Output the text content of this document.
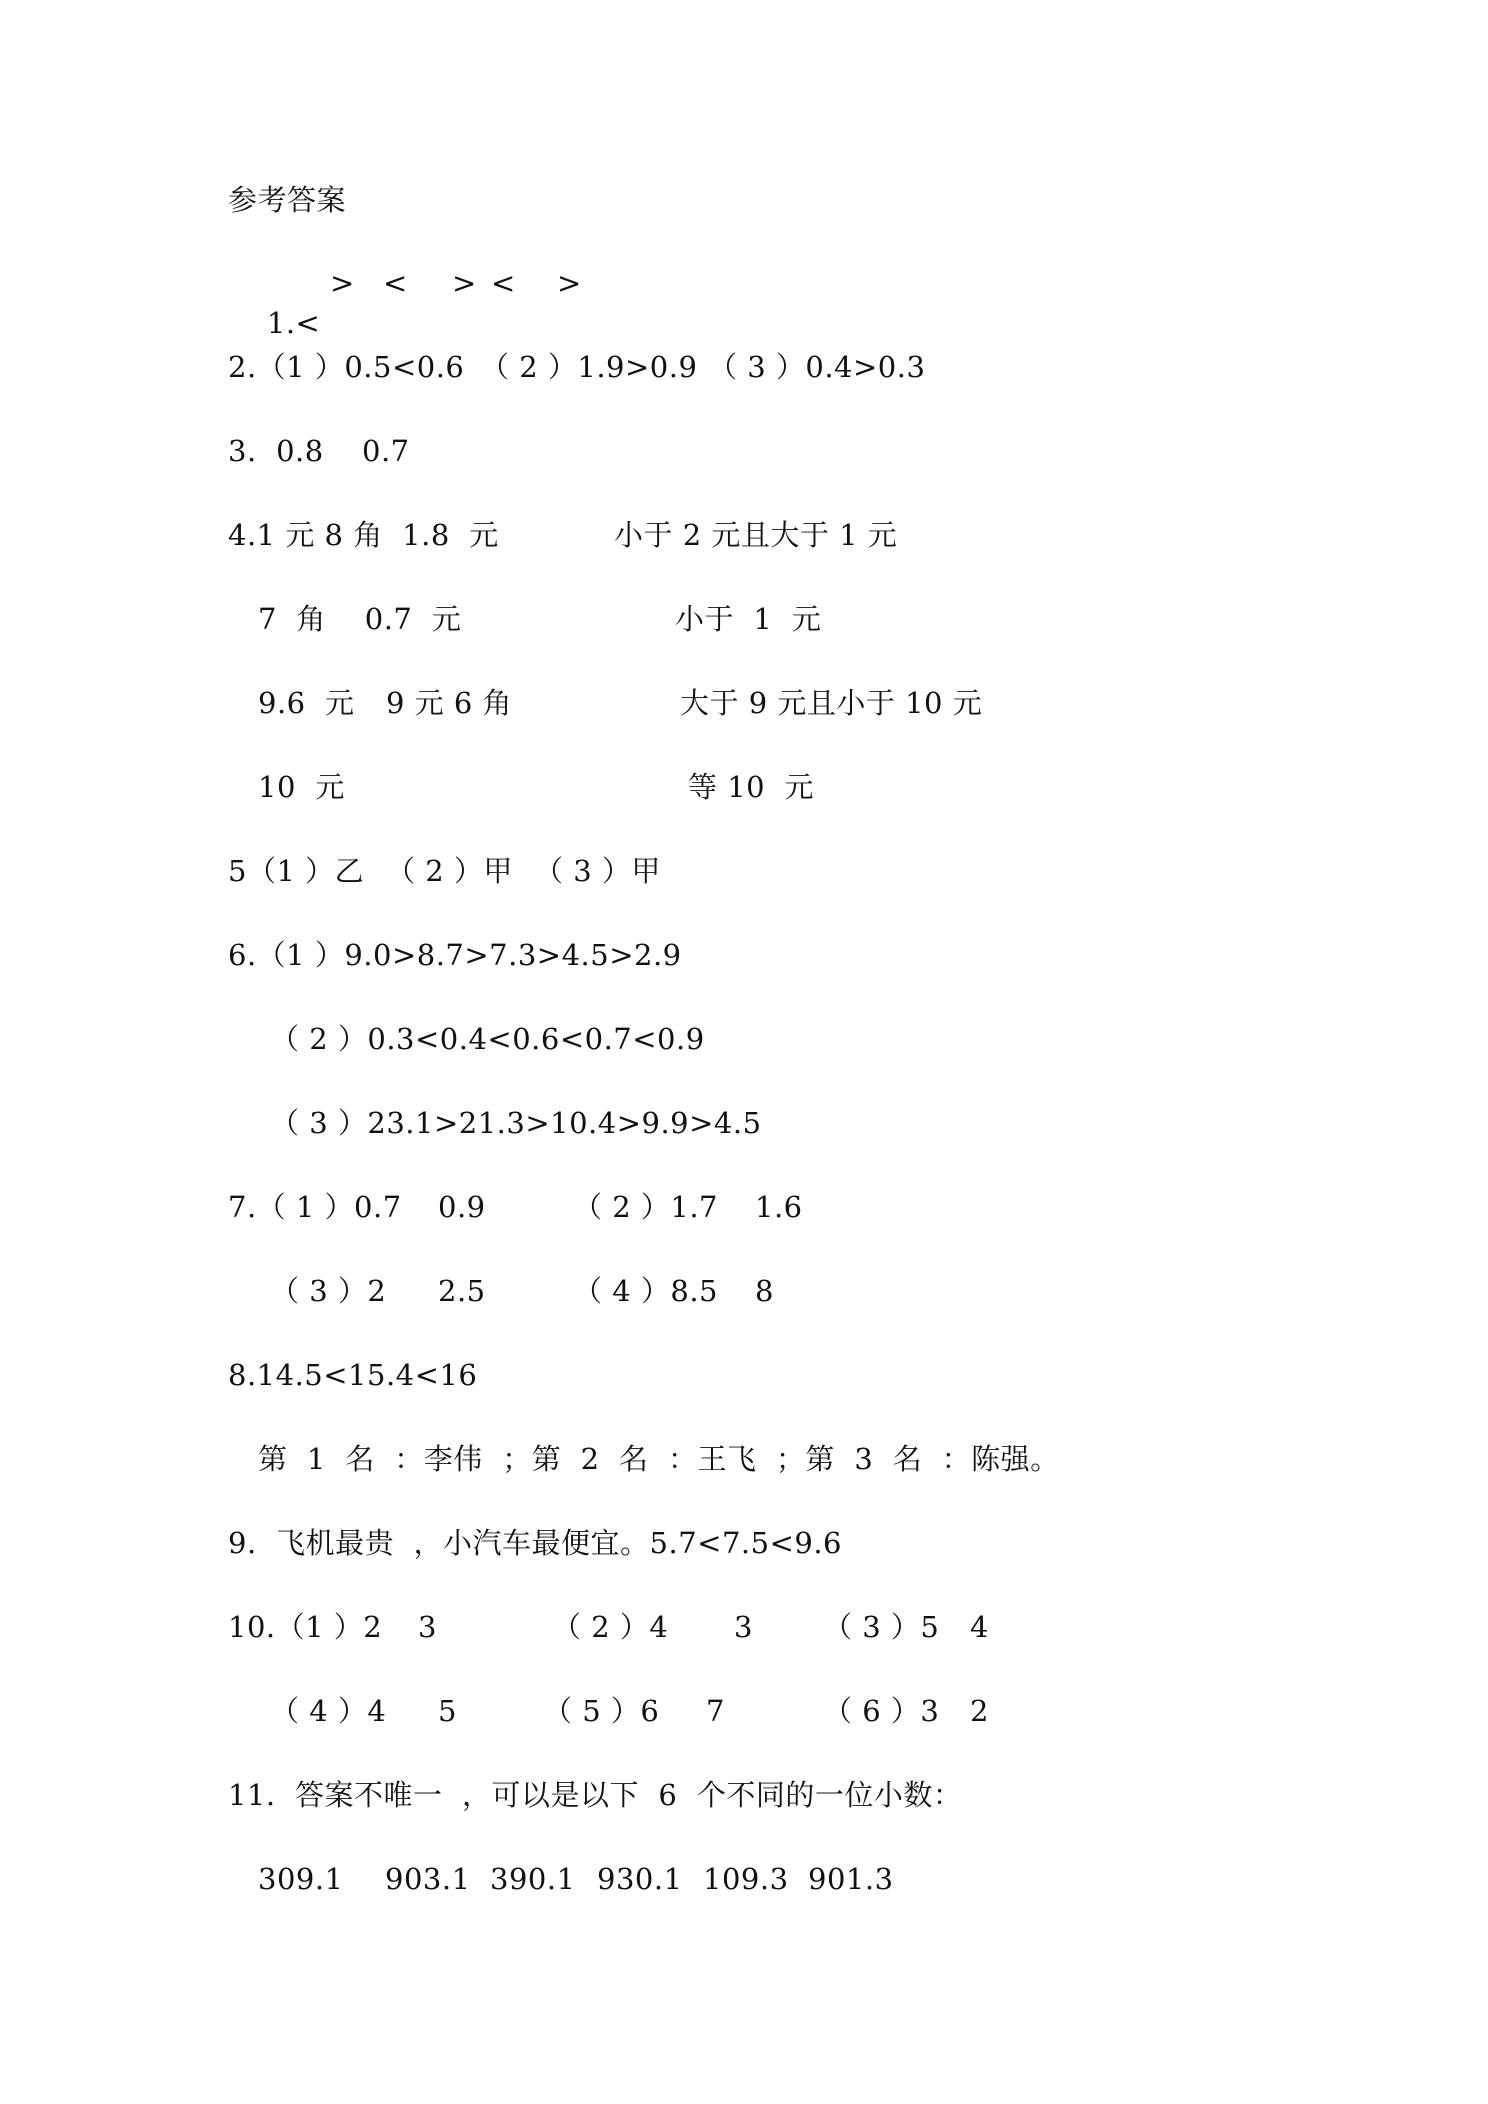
参考答案

1.<

> < > < >
2.（1 ）0.5<0.6 （ 2 ）1.9>0.9 （ 3 ）0.4>0.3
3.  0.8 0.7
4.1 元 8 角  1.8  元	小于 2 元且大于 1 元
7  角    0.7  元	小于  1  元
9.6  元 9 元 6 角	大于 9 元且小于 10 元
10  元	等 10  元
5（1 ）乙 （ 2 ）甲 （ 3 ）甲
6.（1 ）9.0>8.7>7.3>4.5>2.9
（ 2 ）0.3<0.4<0.6<0.7<0.9
（ 3 ）23.1>21.3>10.4>9.9>4.5
7.（ 1 ）0.7 0.9	（ 2 ）1.7 1.6
（ 3 ）2 2.5	（ 4 ）8.5 8
8.14.5<15.4<16
第  1  名  ：李伟  ；第  2  名  ：王飞  ；第  3  名  ：陈强。
9.  飞机最贵  ，小汽车最便宜。5.7<7.5<9.6
10.（1 ）2 3	（ 2 ）4 3 （ 3 ）5 4
（ 4 ）4 5	（ 5 ）6 7	（ 6 ）3 2
11.  答案不唯一  ，可以是以下  6  个不同的一位小数：
309.1 903.1 390.1 930.1 109.3 901.3
